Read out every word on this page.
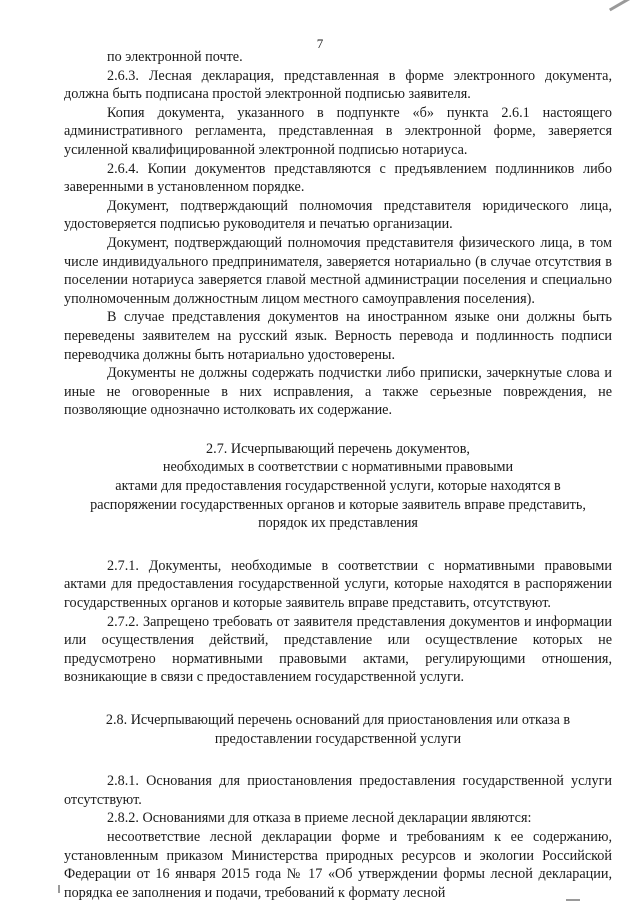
7

по электронной почте.

2.6.3. Лесная декларация, представленная в форме электронного документа, должна быть подписана простой электронной подписью заявителя.

Копия документа, указанного в подпункте «б» пункта 2.6.1 настоящего административного регламента, представленная в электронной форме, заверяется усиленной квалифицированной электронной подписью нотариуса.

2.6.4. Копии документов представляются с предъявлением подлинников либо заверенными в установленном порядке.

Документ, подтверждающий полномочия представителя юридического лица, удостоверяется подписью руководителя и печатью организации.

Документ, подтверждающий полномочия представителя физического лица, в том числе индивидуального предпринимателя, заверяется нотариально (в случае отсутствия в поселении нотариуса заверяется главой местной администрации поселения и специально уполномоченным должностным лицом местного самоуправления поселения).

В случае представления документов на иностранном языке они должны быть переведены заявителем на русский язык. Верность перевода и подлинность подписи переводчика должны быть нотариально удостоверены.

Документы не должны содержать подчистки либо приписки, зачеркнутые слова и иные не оговоренные в них исправления, а также серьезные повреждения, не позволяющие однозначно истолковать их содержание.

2.7. Исчерпывающий перечень документов,
необходимых в соответствии с нормативными правовыми
актами для предоставления государственной услуги, которые находятся в
распоряжении государственных органов и которые заявитель вправе представить,
порядок их представления

2.7.1. Документы, необходимые в соответствии с нормативными правовыми актами для предоставления государственной услуги, которые находятся в распоряжении государственных органов и которые заявитель вправе представить, отсутствуют.

2.7.2. Запрещено требовать от заявителя представления документов и информации или осуществления действий, представление или осуществление которых не предусмотрено нормативными правовыми актами, регулирующими отношения, возникающие в связи с предоставлением государственной услуги.

2.8. Исчерпывающий перечень оснований для приостановления или отказа в
предоставлении государственной услуги

2.8.1. Основания для приостановления предоставления государственной услуги отсутствуют.

2.8.2. Основаниями для отказа в приеме лесной декларации являются:

несоответствие лесной декларации форме и требованиям к ее содержанию, установленным приказом Министерства природных ресурсов и экологии Российской Федерации от 16 января 2015 года № 17 «Об утверждении формы лесной декларации, порядка ее заполнения и подачи, требований к формату лесной
